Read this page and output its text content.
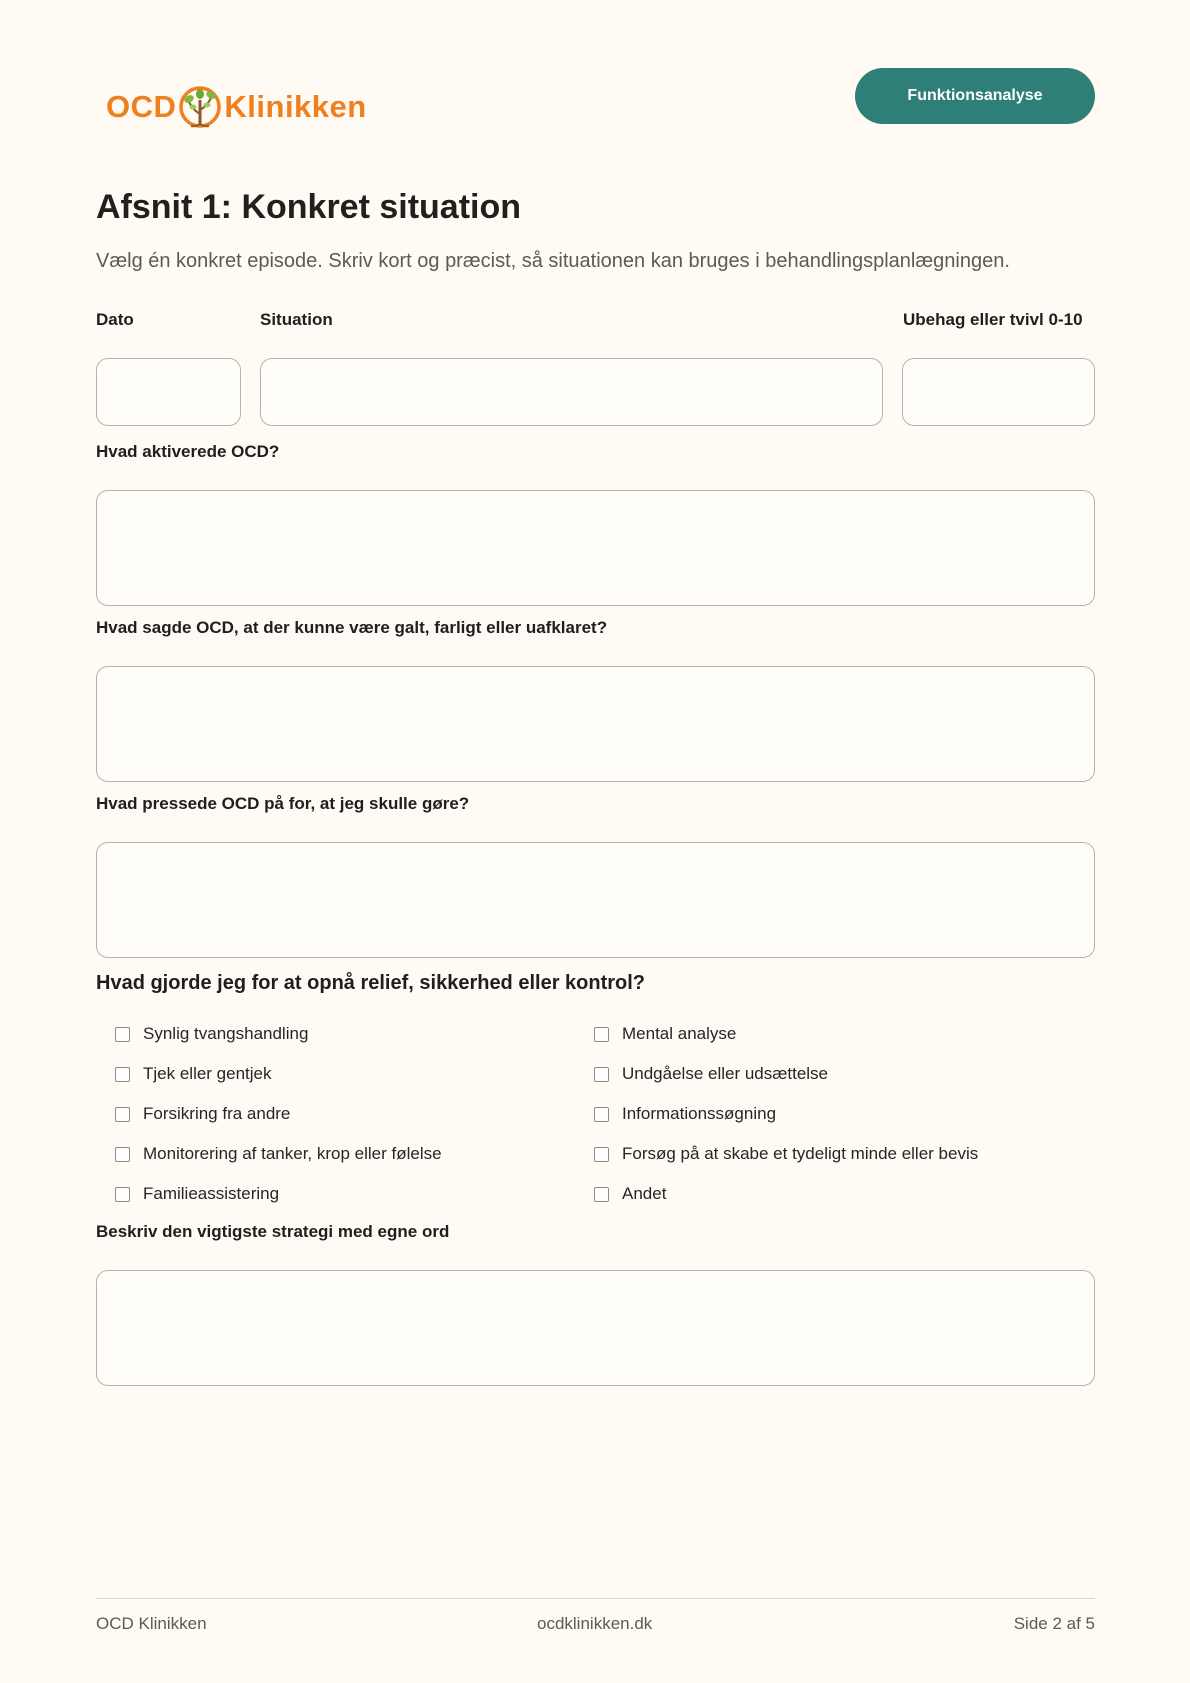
OCD Klinikken	Funktionsanalyse
Afsnit 1: Konkret situation

Vælg én konkret episode. Skriv kort og præcist, så situationen kan bruges i behandlingsplanlægningen.

Dato	Situation	Ubehag eller tvivl 0-10
Hvad aktiverede OCD?
Hvad sagde OCD, at der kunne være galt, farligt eller uafklaret?
Hvad pressede OCD på for, at jeg skulle gøre?
Hvad gjorde jeg for at opnå relief, sikkerhed eller kontrol?
Synlig tvangshandling
Tjek eller gentjek
Forsikring fra andre
Monitorering af tanker, krop eller følelse
Familieassistering
Mental analyse
Undgåelse eller udsættelse
Informationssøgning
Forsøg på at skabe et tydeligt minde eller bevis
Andet
Beskriv den vigtigste strategi med egne ord
OCD Klinikken	ocdklinikken.dk	Side 2 af 5
